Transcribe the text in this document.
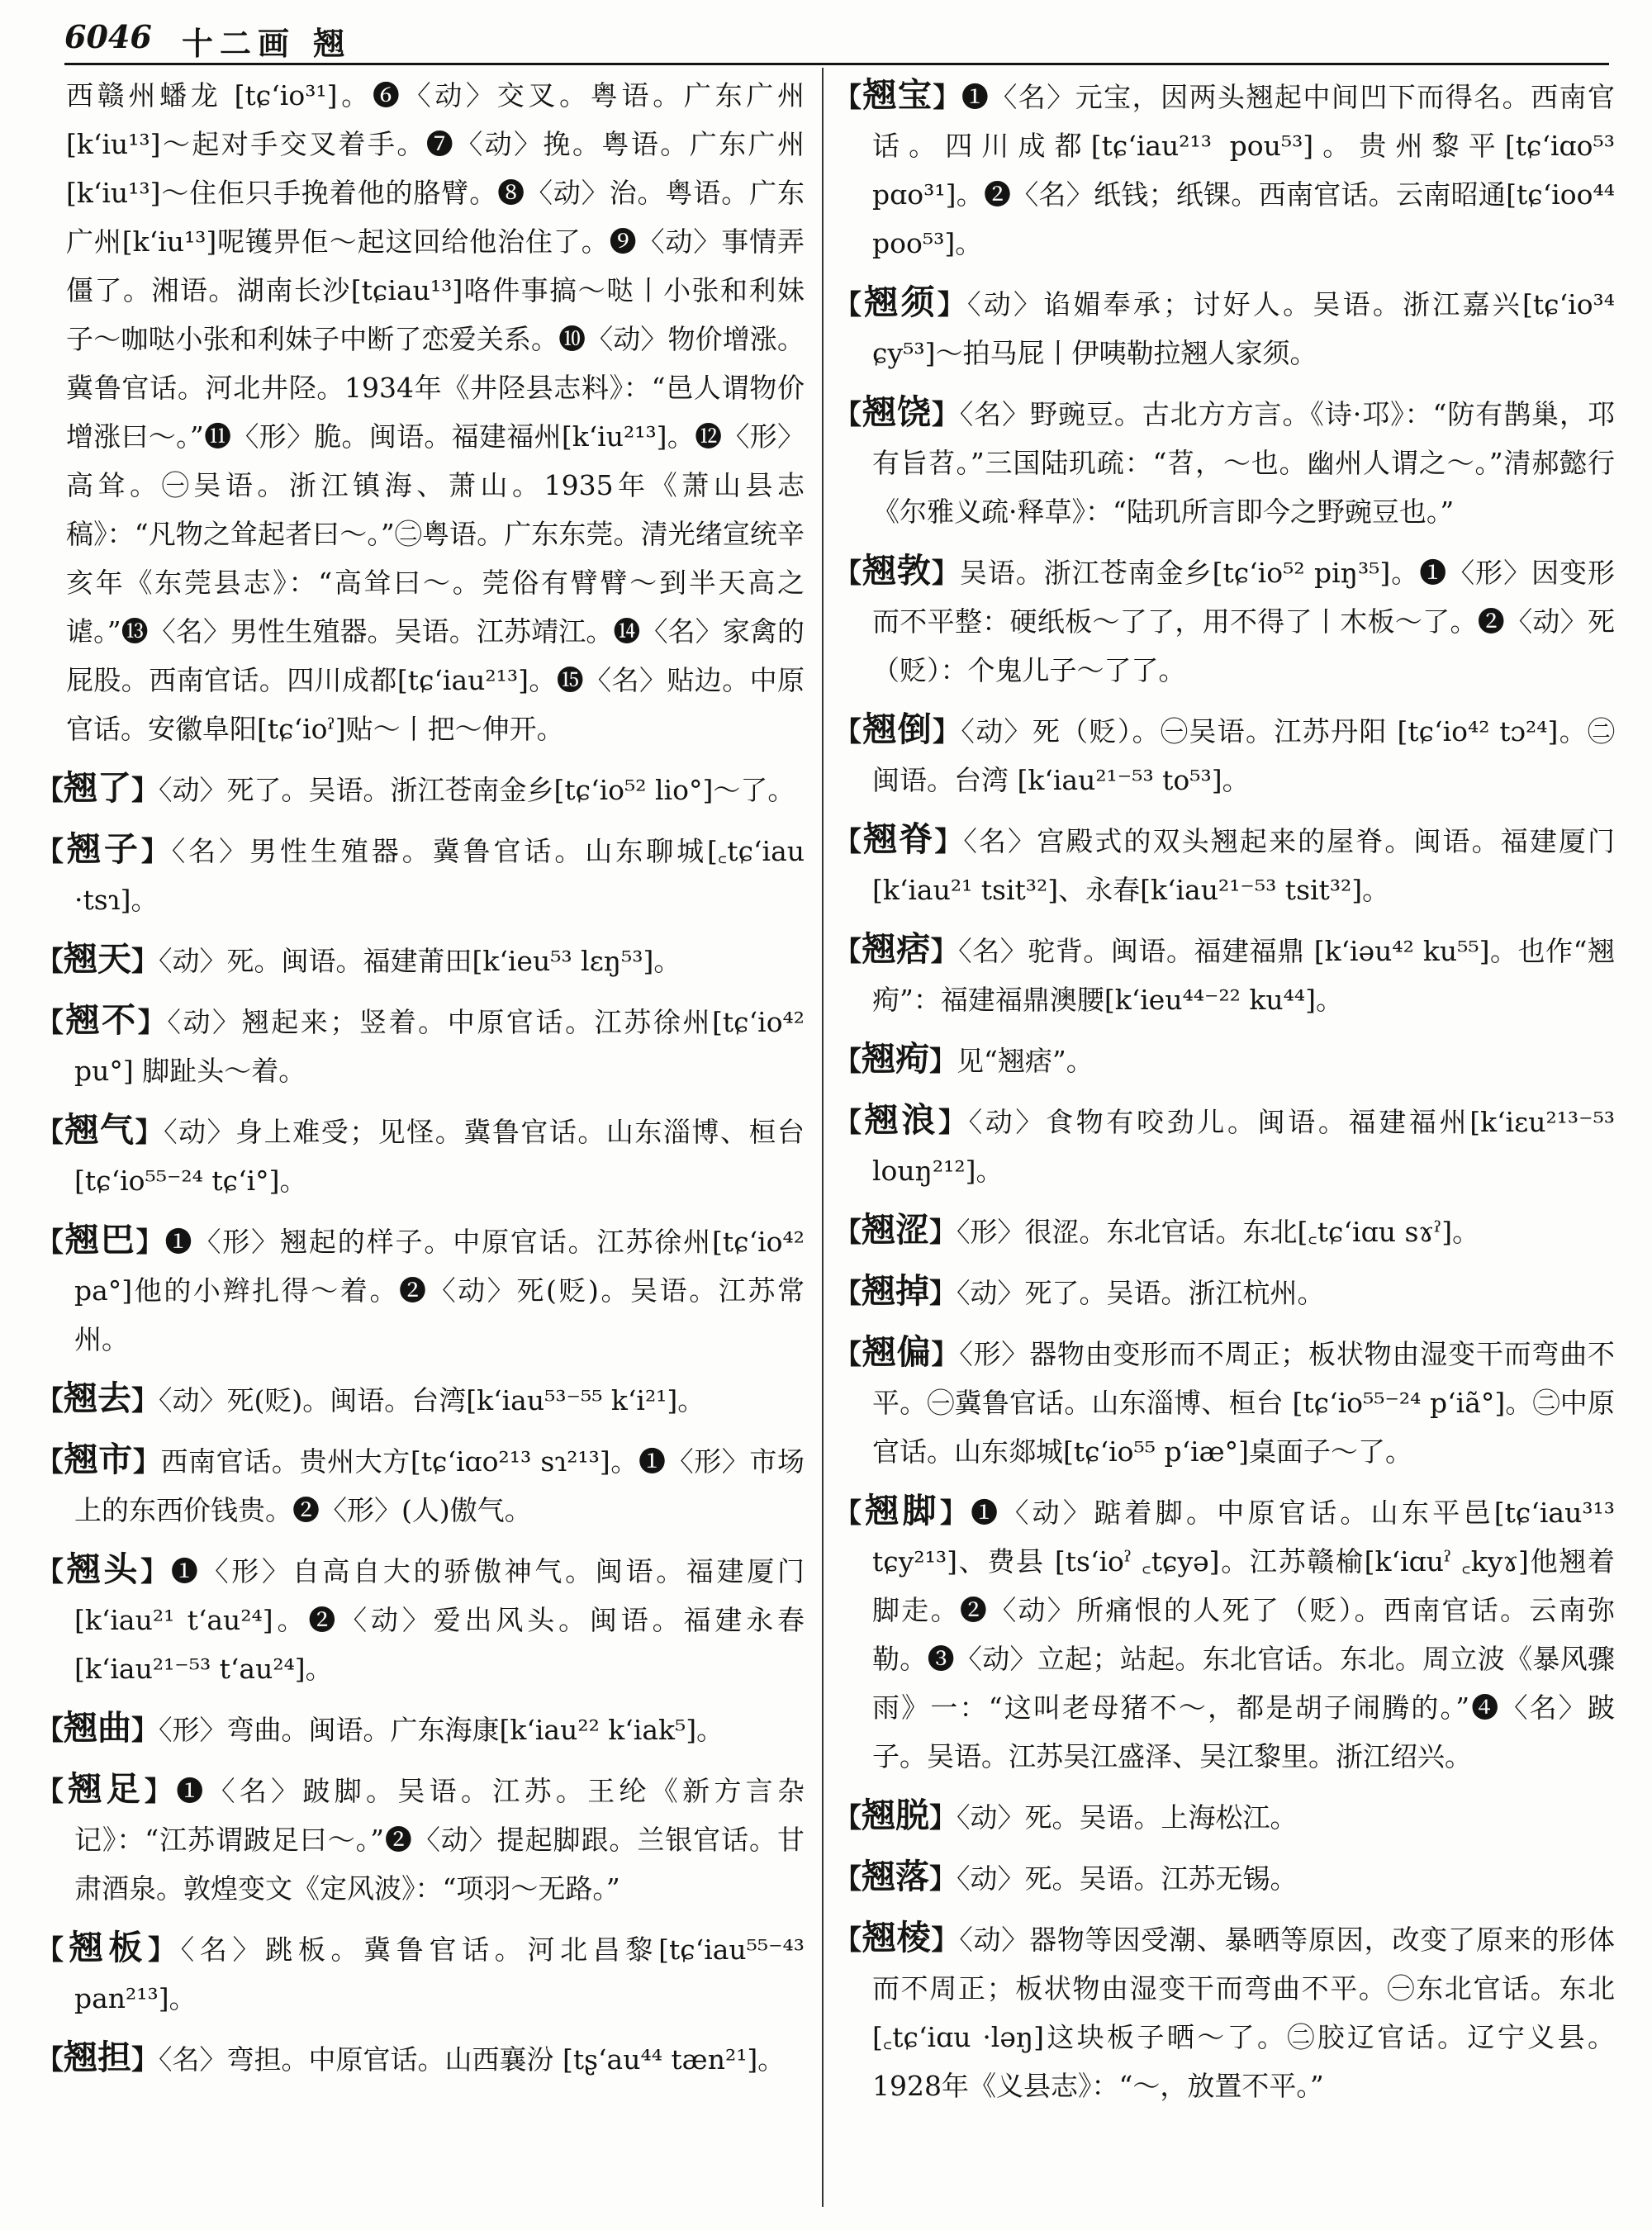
6046 十二画 翘

西赣州蟠龙 [tɕʻio³¹]。❻〈动〉交叉。粤语。广东广州[kʻiu¹³]～起对手交叉着手。❼〈动〉挽。粤语。广东广州[kʻiu¹³]～住佢只手挽着他的胳臂。❽〈动〉治。粤语。广东广州[kʻiu¹³]呢镬畀佢～起这回给他治住了。❾〈动〉事情弄僵了。湘语。湖南长沙[tɕiau¹³]咯件事搞～哒丨小张和利妹子～咖哒小张和利妹子中断了恋爱关系。❿〈动〉物价增涨。冀鲁官话。河北井陉。1934年《井陉县志料》：“邑人谓物价增涨曰～。”⓫〈形〉脆。闽语。福建福州[kʻiu²¹³]。⓬〈形〉高耸。㊀吴语。浙江镇海、萧山。1935年《萧山县志稿》：“凡物之耸起者曰～。”㊁粤语。广东东莞。清光绪宣统辛亥年《东莞县志》：“高耸曰～。莞俗有臂臂～到半天高之谑。”⓭〈名〉男性生殖器。吴语。江苏靖江。⓮〈名〉家禽的屁股。西南官话。四川成都[tɕʻiau²¹³]。⓯〈名〉贴边。中原官话。安徽阜阳[tɕʻioˀ]贴～丨把～伸开。

【翘了】〈动〉死了。吴语。浙江苍南金乡[tɕʻio⁵² lio°]～了。

【翘子】〈名〉男性生殖器。冀鲁官话。山东聊城[꜀tɕʻiau ·tsɿ]。

【翘天】〈动〉死。闽语。福建莆田[kʻieu⁵³ lɛŋ⁵³]。

【翘不】〈动〉翘起来；竖着。中原官话。江苏徐州[tɕʻio⁴² pu°] 脚趾头～着。

【翘气】〈动〉身上难受；见怪。冀鲁官话。山东淄博、桓台[tɕʻio⁵⁵⁻²⁴ tɕʻi°]。

【翘巴】❶〈形〉翘起的样子。中原官话。江苏徐州[tɕʻio⁴² pa°]他的小辫扎得～着。❷〈动〉死(贬)。吴语。江苏常州。

【翘去】〈动〉死(贬)。闽语。台湾[kʻiau⁵³⁻⁵⁵ kʻi²¹]。

【翘市】西南官话。贵州大方[tɕʻiɑo²¹³ sɿ²¹³]。❶〈形〉市场上的东西价钱贵。❷〈形〉(人)傲气。

【翘头】❶〈形〉自高自大的骄傲神气。闽语。福建厦门[kʻiau²¹ tʻau²⁴]。❷〈动〉爱出风头。闽语。福建永春[kʻiau²¹⁻⁵³ tʻau²⁴]。

【翘曲】〈形〉弯曲。闽语。广东海康[kʻiau²² kʻiak⁵]。

【翘足】❶〈名〉跛脚。吴语。江苏。王纶《新方言杂记》：“江苏谓跛足曰～。”❷〈动〉提起脚跟。兰银官话。甘肃酒泉。敦煌变文《定风波》：“项羽～无路。”

【翘板】〈名〉跳板。冀鲁官话。河北昌黎[tɕʻiau⁵⁵⁻⁴³ pan²¹³]。

【翘担】〈名〉弯担。中原官话。山西襄汾 [tʂʻau⁴⁴ tæn²¹]。

【翘宝】❶〈名〉元宝，因两头翘起中间凹下而得名。西南官话。四川成都[tɕʻiau²¹³ pou⁵³]。贵州黎平[tɕʻiɑo⁵³ pɑo³¹]。❷〈名〉纸钱；纸锞。西南官话。云南昭通[tɕʻioo⁴⁴ poo⁵³]。

【翘须】〈动〉谄媚奉承；讨好人。吴语。浙江嘉兴[tɕʻio³⁴ ɕy⁵³]～拍马屁丨伊咦勒拉翘人家须。

【翘饶】〈名〉野豌豆。古北方方言。《诗·邛》：“防有鹊巢，邛有旨苕。”三国陆玑疏：“苕，～也。幽州人谓之～。”清郝懿行《尔雅义疏·释草》：“陆玑所言即今之野豌豆也。”

【翘㪍】吴语。浙江苍南金乡[tɕʻio⁵² piŋ³⁵]。❶〈形〉因变形而不平整：硬纸板～了了，用不得了丨木板～了。❷〈动〉死（贬）：个鬼儿子～了了。

【翘倒】〈动〉死（贬）。㊀吴语。江苏丹阳 [tɕʻio⁴² tɔ²⁴]。㊁闽语。台湾 [kʻiau²¹⁻⁵³ to⁵³]。

【翘脊】〈名〉宫殿式的双头翘起来的屋脊。闽语。福建厦门[kʻiau²¹ tsit³²]、永春[kʻiau²¹⁻⁵³ tsit³²]。

【翘痞】〈名〉驼背。闽语。福建福鼎 [kʻiəu⁴² ku⁵⁵]。也作“翘痀”：福建福鼎澳腰[kʻieu⁴⁴⁻²² ku⁴⁴]。

【翘痀】见“翘痞”。

【翘浪】〈动〉食物有咬劲儿。闽语。福建福州[kʻiɛu²¹³⁻⁵³ louŋ²¹²]。

【翘涩】〈形〉很涩。东北官话。东北[꜀tɕʻiɑu sɤˀ]。

【翘掉】〈动〉死了。吴语。浙江杭州。

【翘偏】〈形〉器物由变形而不周正；板状物由湿变干而弯曲不平。㊀冀鲁官话。山东淄博、桓台 [tɕʻio⁵⁵⁻²⁴ pʻiã°]。㊁中原官话。山东郯城[tɕʻio⁵⁵ pʻiæ°]桌面子～了。

【翘脚】❶〈动〉踮着脚。中原官话。山东平邑[tɕʻiau³¹³ tɕy²¹³]、费县 [tsʻioˀ ꜀tɕyə]。江苏赣榆[kʻiɑuˀ ꜀kyɤ]他翘着脚走。❷〈动〉所痛恨的人死了（贬）。西南官话。云南弥勒。❸〈动〉立起；站起。东北官话。东北。周立波《暴风骤雨》一：“这叫老母猪不～，都是胡子闹腾的。”❹〈名〉跛子。吴语。江苏吴江盛泽、吴江黎里。浙江绍兴。

【翘脱】〈动〉死。吴语。上海松江。

【翘落】〈动〉死。吴语。江苏无锡。

【翘棱】〈动〉器物等因受潮、暴晒等原因，改变了原来的形体而不周正；板状物由湿变干而弯曲不平。㊀东北官话。东北[꜀tɕʻiɑu ·ləŋ]这块板子晒～了。㊁胶辽官话。辽宁义县。1928年《义县志》：“～，放置不平。”
